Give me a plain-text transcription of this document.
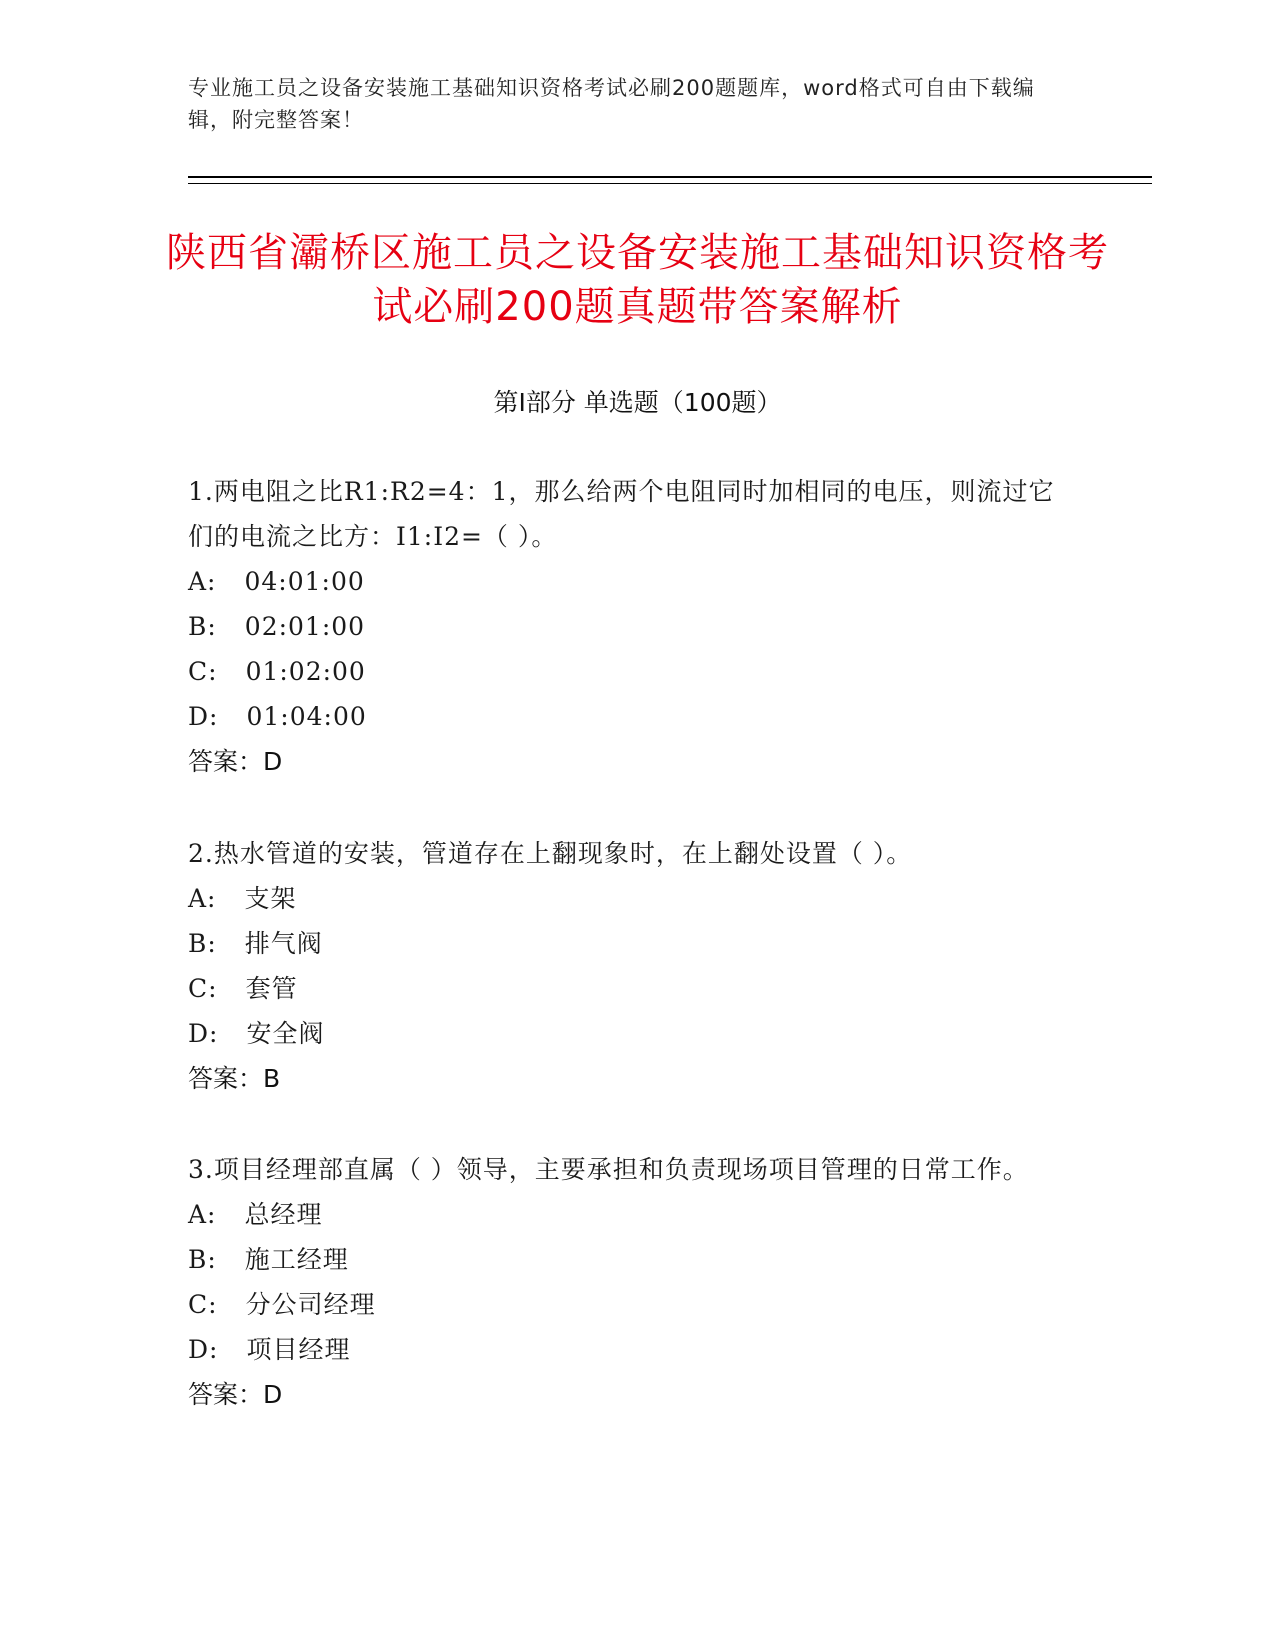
专业施工员之设备安装施工基础知识资格考试必刷200题题库，word格式可自由下载编辑，附完整答案！
陕西省灞桥区施工员之设备安装施工基础知识资格考试必刷200题真题带答案解析
第Ⅰ部分 单选题（100题）

1.两电阻之比R1:R2=4：1，那么给两个电阻同时加相同的电压，则流过它们的电流之比方：I1:I2=（ ）。

A: 04:01:00

B: 02:01:00

C: 01:02:00

D: 01:04:00

答案：D

2.热水管道的安装，管道存在上翻现象时，在上翻处设置（ ）。

A: 支架

B: 排气阀

C: 套管

D: 安全阀

答案：B

3.项目经理部直属（ ）领导，主要承担和负责现场项目管理的日常工作。

A: 总经理

B: 施工经理

C: 分公司经理

D: 项目经理

答案：D
